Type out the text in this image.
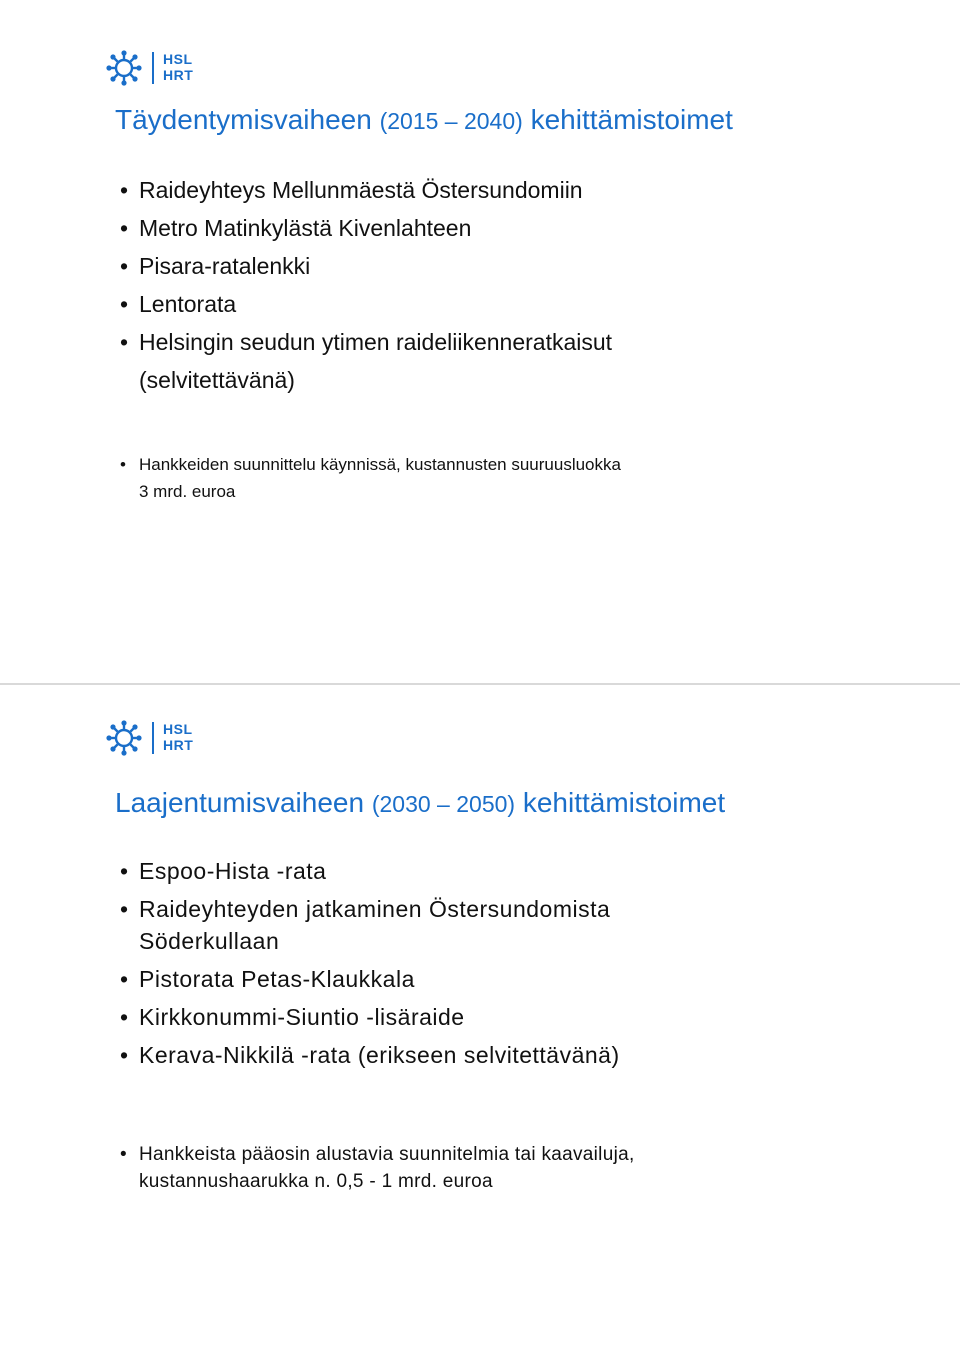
HSL
HRT
Täydentymisvaiheen (2015 – 2040) kehittämistoimet
• Raideyhteys Mellunmäestä Östersundomiin
• Metro Matinkylästä Kivenlahteen
• Pisara-ratalenkki
• Lentorata
• Helsingin seudun ytimen raideliikenneratkaisut
(selvitettävänä)
• Hankkeiden suunnittelu käynnissä, kustannusten suuruusluokka
3 mrd. euroa
HSL
HRT
Laajentumisvaiheen (2030 – 2050) kehittämistoimet
• Espoo-Hista -rata
• Raideyhteyden jatkaminen Östersundomista
Söderkullaan
• Pistorata Petas-Klaukkala
• Kirkkonummi-Siuntio -lisäraide
• Kerava-Nikkilä -rata (erikseen selvitettävänä)
• Hankkeista pääosin alustavia suunnitelmia tai kaavailuja,
kustannushaarukka n. 0,5 - 1 mrd. euroa
